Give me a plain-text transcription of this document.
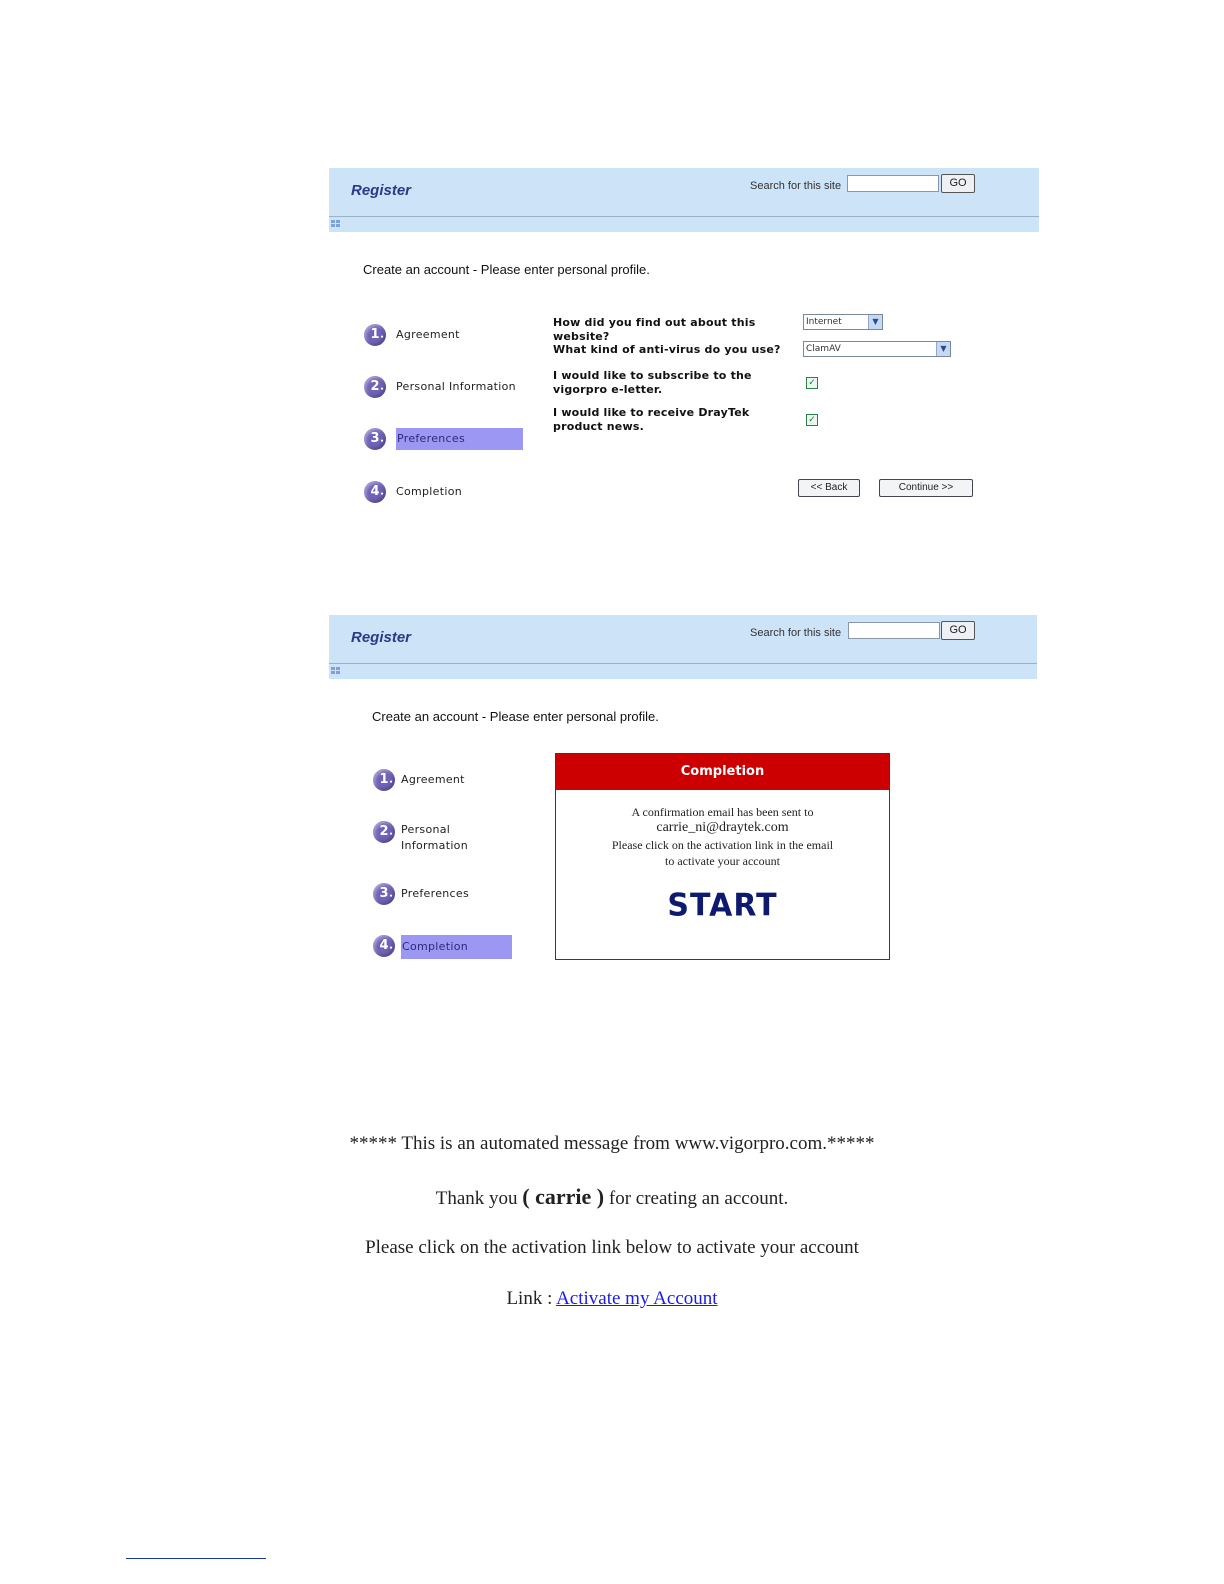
Register	Search for this site	GO
Create an account - Please enter personal profile.
1 • Agreement
2 • Personal Information
3 • Preferences
4 • Completion
How did you find out about this website?
Internet	▼
What kind of anti-virus do you use?	ClamAV	▼
I would like to subscribe to the vigorpro e-letter.	✓
I would like to receive DrayTek product news.	✓
<< Back	Continue >>
Register	Search for this site	GO
Create an account - Please enter personal profile.
1 • Agreement
2 • Personal
Information
3 • Preferences
4 • Completion
Completion
A confirmation email has been sent to
carrie_ni@draytek.com
Please click on the activation link in the email
to activate your account
START
***** This is an automated message from www.vigorpro.com.*****
Thank you ( carrie ) for creating an account.
Please click on the activation link below to activate your account
Link : Activate my Account
